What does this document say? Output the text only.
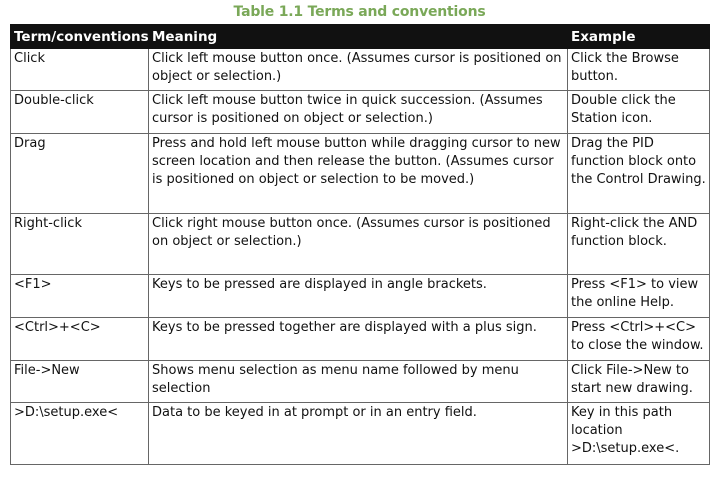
Table 1.1 Terms and conventions
Term/conventions	Meaning	Example
Click	Click left mouse button once. (Assumes cursor is positioned on object or selection.)	Click the Browse button.
Double-click	Click left mouse button twice in quick succession. (Assumes cursor is positioned on object or selection.)	Double click the Station icon.
Drag	Press and hold left mouse button while dragging cursor to new screen location and then release the button. (Assumes cursor is positioned on object or selection to be moved.)	Drag the PID function block onto the Control Drawing.
Right-click	Click right mouse button once. (Assumes cursor is positioned on object or selection.)	Right-click the AND function block.
<F1>	Keys to be pressed are displayed in angle brackets.	Press <F1> to view the online Help.
<Ctrl>+<C>	Keys to be pressed together are displayed with a plus sign.	Press <Ctrl>+<C> to close the window.
File->New	Shows menu selection as menu name followed by menu selection	Click File->New to start new drawing.
>D:\setup.exe<	Data to be keyed in at prompt or in an entry field.	Key in this path location >D:\setup.exe<.
